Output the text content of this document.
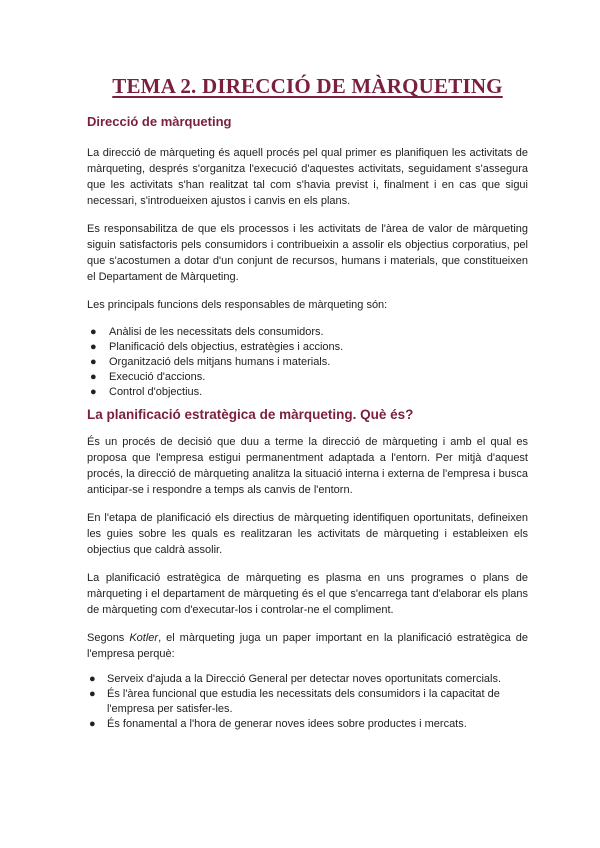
TEMA 2. DIRECCIÓ DE MÀRQUETING
Direcció de màrqueting

La direcció de màrqueting és aquell procés pel qual primer es planifiquen les activitats de màrqueting, després s'organitza l'execució d'aquestes activitats, seguidament s'assegura que les activitats s'han realitzat tal com s'havia previst i, finalment i en cas que sigui necessari, s'introdueixen ajustos i canvis en els plans.

Es responsabilitza de que els processos i les activitats de l'àrea de valor de màrqueting siguin satisfactoris pels consumidors i contribueixin a assolir els objectius corporatius, pel que s'acostumen a dotar d'un conjunt de recursos, humans i materials, que constitueixen el Departament de Màrqueting.

Les principals funcions dels responsables de màrqueting són:

● Anàlisi de les necessitats dels consumidors.
● Planificació dels objectius, estratègies i accions.
● Organització dels mitjans humans i materials.
● Execució d'accions.
● Control d'objectius.
La planificació estratègica de màrqueting. Què és?

És un procés de decisió que duu a terme la direcció de màrqueting i amb el qual es proposa que l'empresa estigui permanentment adaptada a l'entorn. Per mitjà d'aquest procés, la direcció de màrqueting analitza la situació interna i externa de l'empresa i busca anticipar-se i respondre a temps als canvis de l'entorn.

En l'etapa de planificació els directius de màrqueting identifiquen oportunitats, defineixen les guies sobre les quals es realitzaran les activitats de màrqueting i estableixen els objectius que caldrà assolir.

La planificació estratègica de màrqueting es plasma en uns programes o plans de màrqueting i el departament de màrqueting és el que s'encarrega tant d'elaborar els plans de màrqueting com d'executar-los i controlar-ne el compliment.

Segons Kotler, el màrqueting juga un paper important en la planificació estratègica de l'empresa perquè:

● Serveix d'ajuda a la Direcció General per detectar noves oportunitats comercials.
● És l'àrea funcional que estudia les necessitats dels consumidors i la capacitat de l'empresa per satisfer-les.
● És fonamental a l'hora de generar noves idees sobre productes i mercats.
